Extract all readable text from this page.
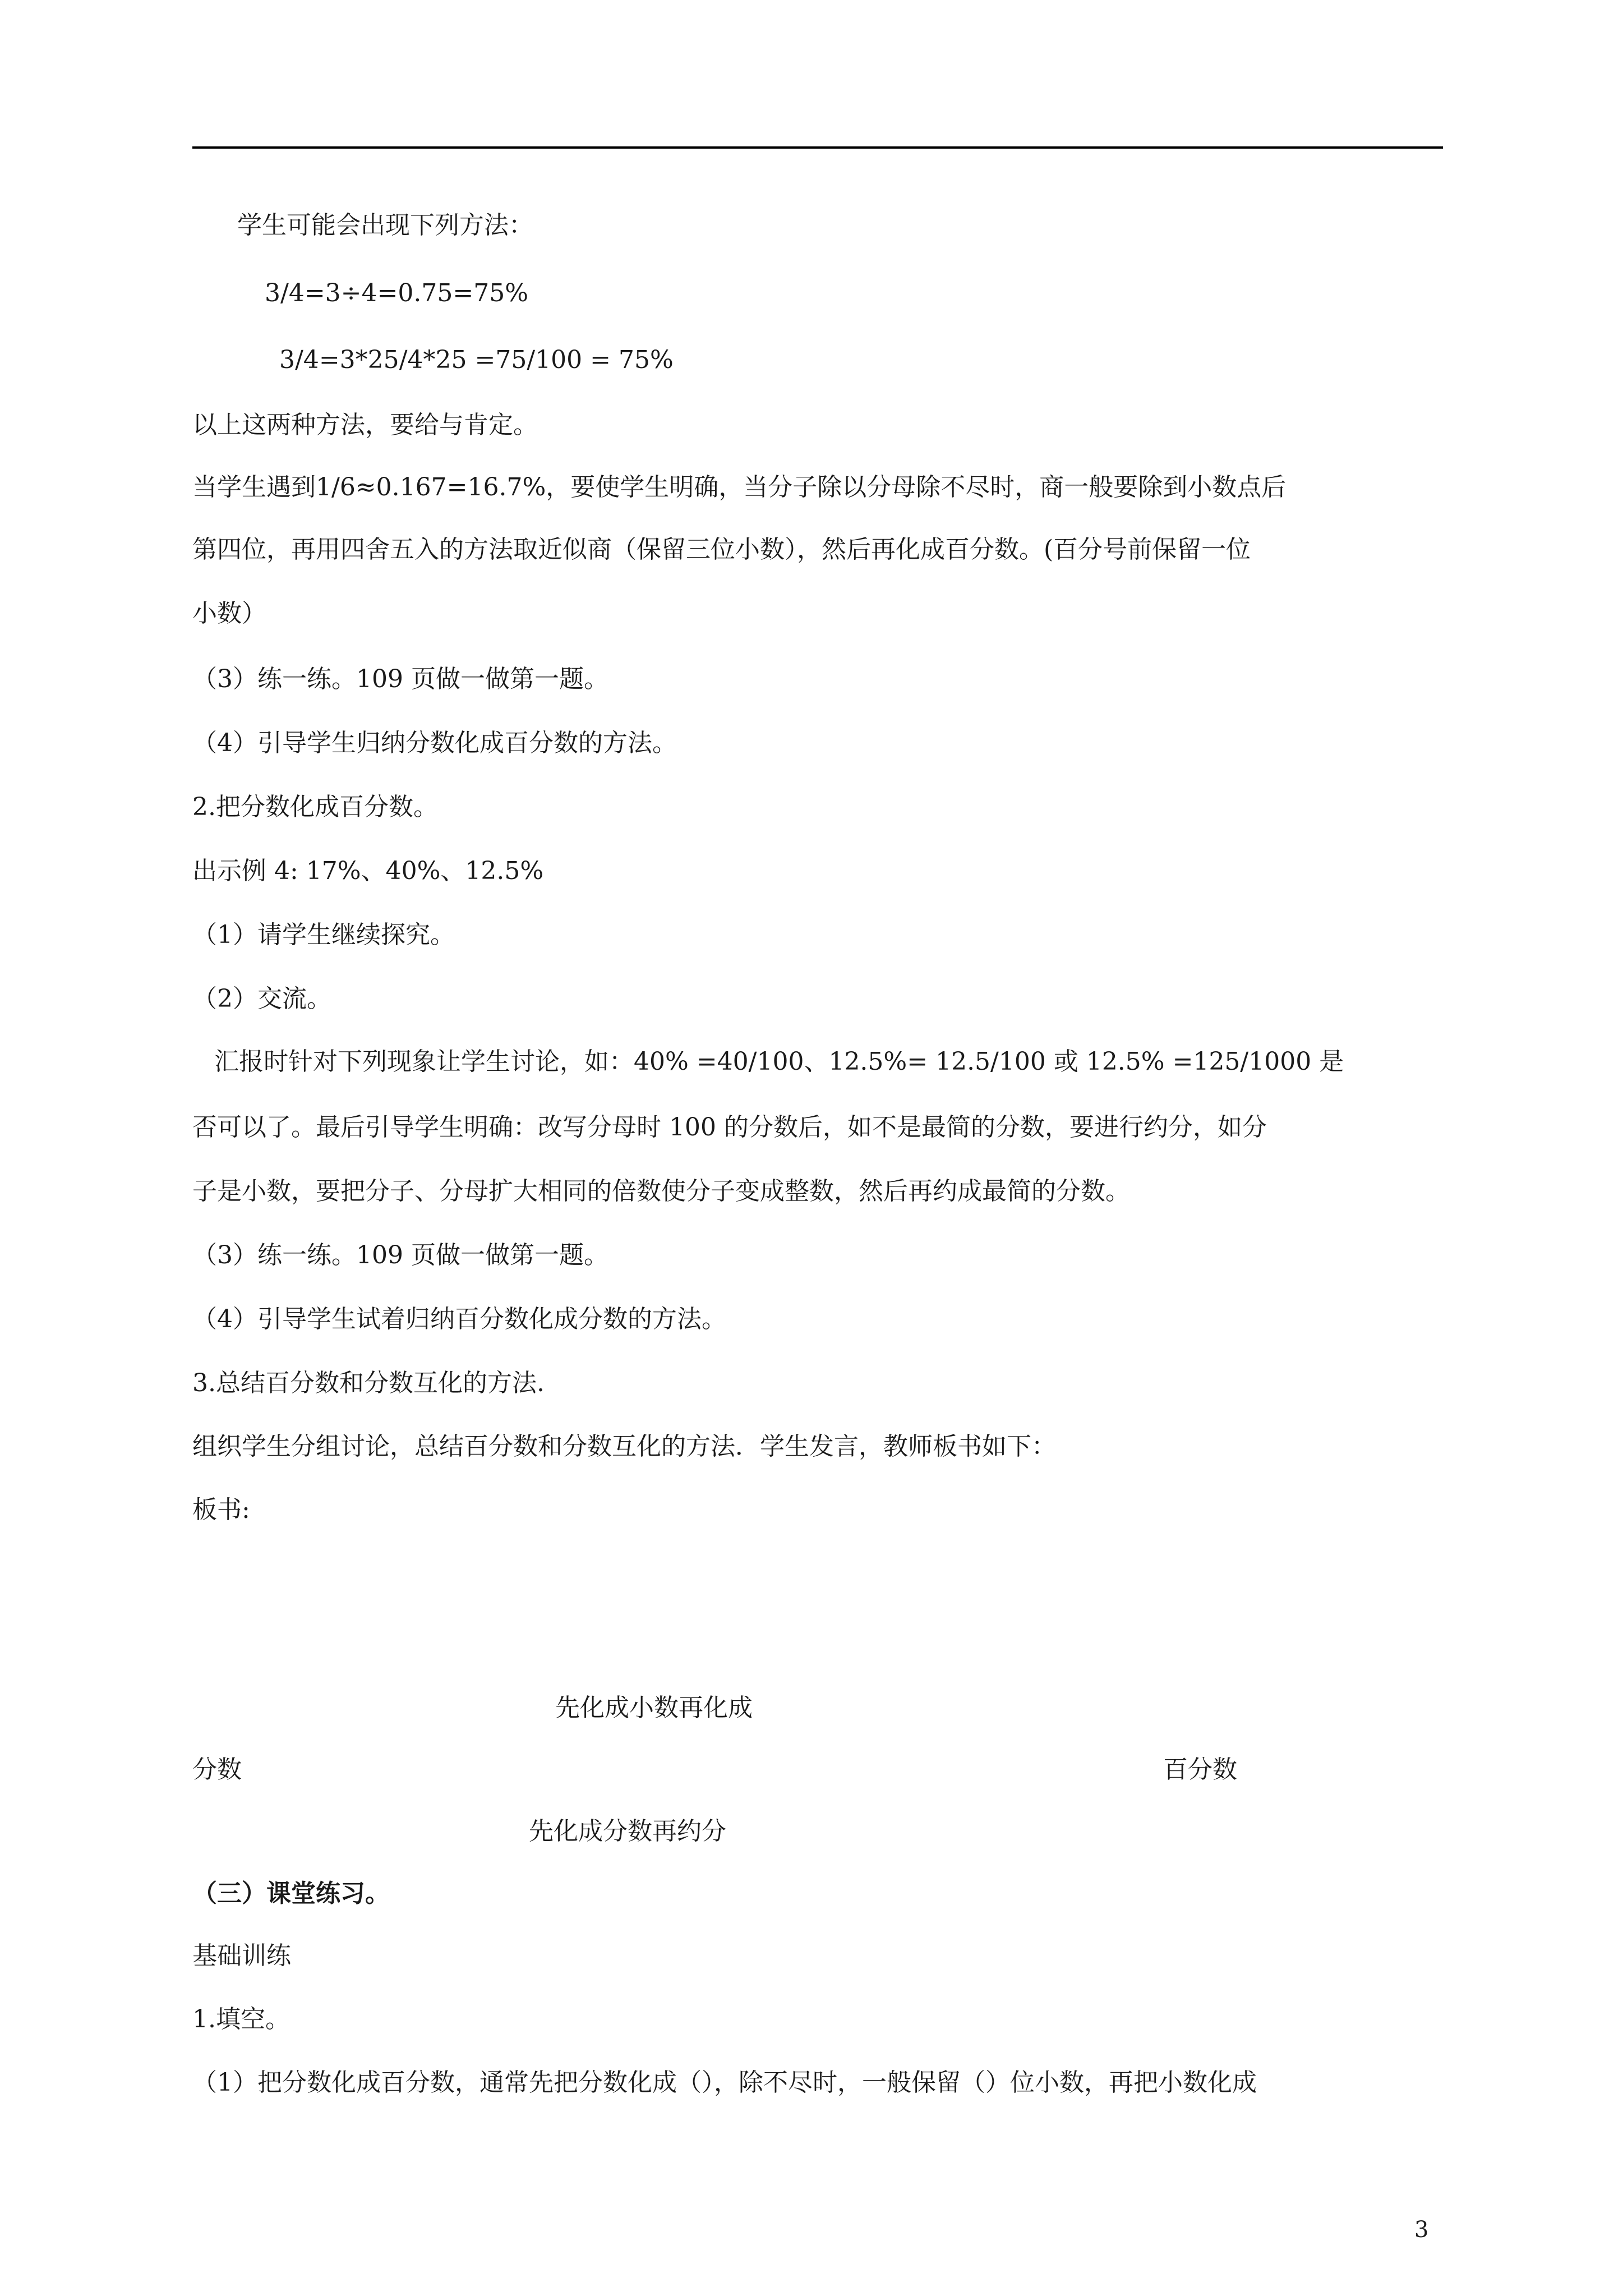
学生可能会出现下列方法：
3/4=3÷4=0.75=75%
3/4=3*25/4*25 =75/100 = 75%
以上这两种方法，要给与肯定。
当学生遇到1/6≈0.167=16.7%，要使学生明确，当分子除以分母除不尽时，商一般要除到小数点后
第四位，再用四舍五入的方法取近似商（保留三位小数），然后再化成百分数。(百分号前保留一位
小数）
（3）练一练。109 页做一做第一题。
（4）引导学生归纳分数化成百分数的方法。
2.把分数化成百分数。
出示例 4: 17%、40%、12.5%
（1）请学生继续探究。
（2）交流。
汇报时针对下列现象让学生讨论，如：40% =40/100、12.5%= 12.5/100 或 12.5% =125/1000 是
否可以了。最后引导学生明确：改写分母时 100 的分数后，如不是最简的分数，要进行约分，如分
子是小数，要把分子、分母扩大相同的倍数使分子变成整数，然后再约成最简的分数。
（3）练一练。109 页做一做第一题。
（4）引导学生试着归纳百分数化成分数的方法。
3.总结百分数和分数互化的方法.
组织学生分组讨论，总结百分数和分数互化的方法．学生发言，教师板书如下：
板书:
先化成小数再化成
分数	百分数
先化成分数再约分
（三）课堂练习。
基础训练
1.填空。
（1）把分数化成百分数，通常先把分数化成（），除不尽时，一般保留（）位小数，再把小数化成
3
